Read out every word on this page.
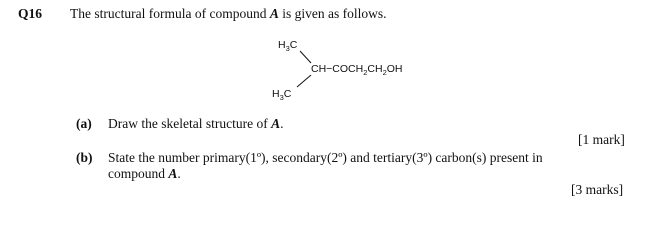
Q16 The structural formula of compound A is given as follows.
$H_3C$
$CH-COCH_2CH_2OH$
$H_3C$
(a) Draw the skeletal structure of A.
[1 mark]
(b) State the number primary(1º), secondary(2º) and tertiary(3º) carbon(s) present in
compound A.
[3 marks]
